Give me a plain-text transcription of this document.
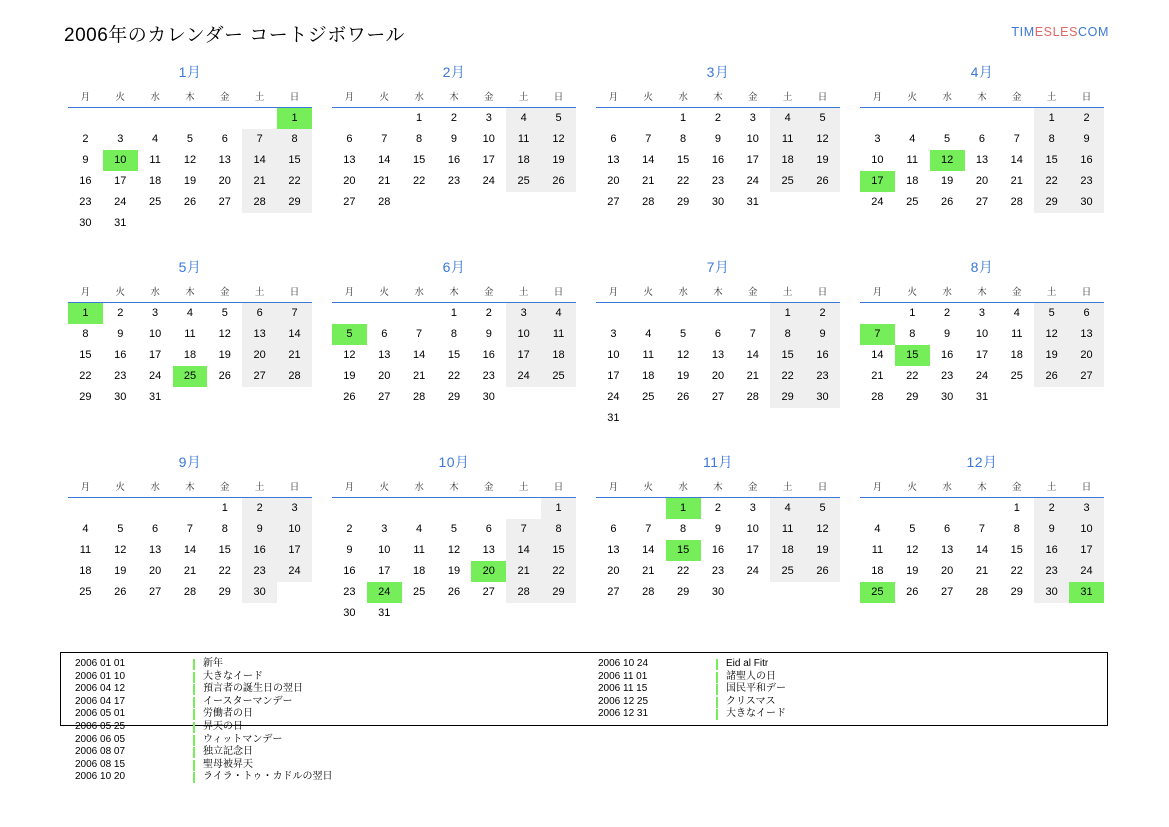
2006年のカレンダー コートジボワール	TIMESLESCOM
1月
月	火	水	木	金	土	日
						1
2	3	4	5	6	7	8
9	10	11	12	13	14	15
16	17	18	19	20	21	22
23	24	25	26	27	28	29
30	31					
2月
月	火	水	木	金	土	日
		1	2	3	4	5
6	7	8	9	10	11	12
13	14	15	16	17	18	19
20	21	22	23	24	25	26
27	28					
3月
月	火	水	木	金	土	日
		1	2	3	4	5
6	7	8	9	10	11	12
13	14	15	16	17	18	19
20	21	22	23	24	25	26
27	28	29	30	31		
4月
月	火	水	木	金	土	日
					1	2
3	4	5	6	7	8	9
10	11	12	13	14	15	16
17	18	19	20	21	22	23
24	25	26	27	28	29	30
5月
月	火	水	木	金	土	日
1	2	3	4	5	6	7
8	9	10	11	12	13	14
15	16	17	18	19	20	21
22	23	24	25	26	27	28
29	30	31				
6月
月	火	水	木	金	土	日
			1	2	3	4
5	6	7	8	9	10	11
12	13	14	15	16	17	18
19	20	21	22	23	24	25
26	27	28	29	30		
7月
月	火	水	木	金	土	日
					1	2
3	4	5	6	7	8	9
10	11	12	13	14	15	16
17	18	19	20	21	22	23
24	25	26	27	28	29	30
31						
8月
月	火	水	木	金	土	日
	1	2	3	4	5	6
7	8	9	10	11	12	13
14	15	16	17	18	19	20
21	22	23	24	25	26	27
28	29	30	31			
9月
月	火	水	木	金	土	日
				1	2	3
4	5	6	7	8	9	10
11	12	13	14	15	16	17
18	19	20	21	22	23	24
25	26	27	28	29	30	
10月
月	火	水	木	金	土	日
						1
2	3	4	5	6	7	8
9	10	11	12	13	14	15
16	17	18	19	20	21	22
23	24	25	26	27	28	29
30	31					
11月
月	火	水	木	金	土	日
		1	2	3	4	5
6	7	8	9	10	11	12
13	14	15	16	17	18	19
20	21	22	23	24	25	26
27	28	29	30			
12月
月	火	水	木	金	土	日
				1	2	3
4	5	6	7	8	9	10
11	12	13	14	15	16	17
18	19	20	21	22	23	24
25	26	27	28	29	30	31
2006 01 01	新年
2006 01 10	大きなイード
2006 04 12	預言者の誕生日の翌日
2006 04 17	イースターマンデー
2006 05 01	労働者の日
2006 05 25	昇天の日
2006 06 05	ウィットマンデー
2006 08 07	独立記念日
2006 08 15	聖母被昇天
2006 10 20	ライラ・トゥ・カドルの翌日
2006 10 24	Eid al Fitr
2006 11 01	諸聖人の日
2006 11 15	国民平和デー
2006 12 25	クリスマス
2006 12 31	大きなイード
